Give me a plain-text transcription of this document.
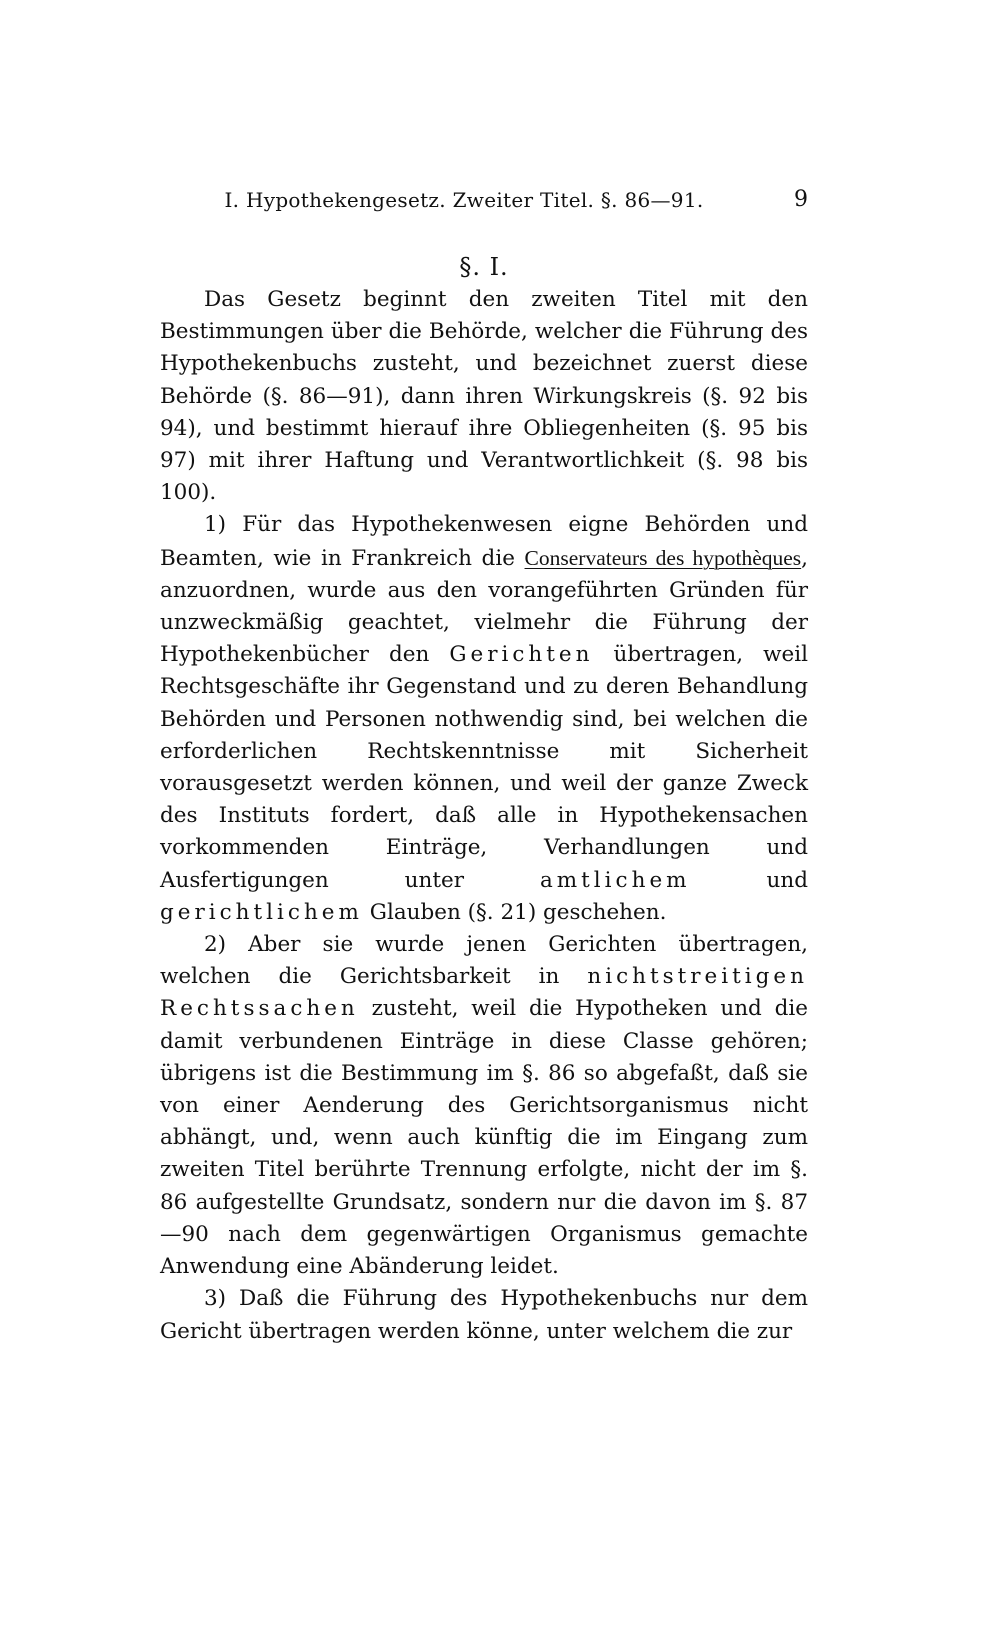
I. Hypothekengesetz. Zweiter Titel. §. 86—91.	9
§. I.

Das Gesetz beginnt den zweiten Titel mit den Bestimmungen über die Behörde, welcher die Führung des Hypothekenbuchs zusteht, und bezeichnet zuerst diese Behörde (§. 86—91), dann ihren Wirkungskreis (§. 92 bis 94), und bestimmt hierauf ihre Obliegenheiten (§. 95 bis 97) mit ihrer Haftung und Verantwortlichkeit (§. 98 bis 100).

1) Für das Hypothekenwesen eigne Behörden und Beamten, wie in Frankreich die Conservateurs des hypothèques, anzuordnen, wurde aus den vorangeführten Gründen für unzweckmäßig geachtet, vielmehr die Führung der Hypothekenbücher den Gerichten übertragen, weil Rechtsgeschäfte ihr Gegenstand und zu deren Behandlung Behörden und Personen nothwendig sind, bei welchen die erforderlichen Rechtskenntnisse mit Sicherheit vorausgesetzt werden können, und weil der ganze Zweck des Instituts fordert, daß alle in Hypothekensachen vorkommenden Einträge, Verhandlungen und Ausfertigungen unter	amtlichem	und gerichtlichem Glauben (§. 21) geschehen.

2) Aber sie wurde jenen Gerichten übertragen, welchen die Gerichtsbarkeit in nichtstreitigen Rechtssachen zusteht, weil die Hypotheken und die damit verbundenen Einträge in diese Classe gehören; übrigens ist die Bestimmung im §. 86 so abgefaßt, daß sie von einer Aenderung des Gerichtsorganismus nicht abhängt, und, wenn auch künftig die im Eingang zum zweiten Titel berührte Trennung erfolgte, nicht der im §. 86 aufgestellte Grundsatz, sondern nur die davon im §. 87—90 nach dem gegenwärtigen Organismus gemachte Anwendung eine Abänderung leidet.

3) Daß die Führung des Hypothekenbuchs nur dem Gericht übertragen werden könne, unter welchem die zur
